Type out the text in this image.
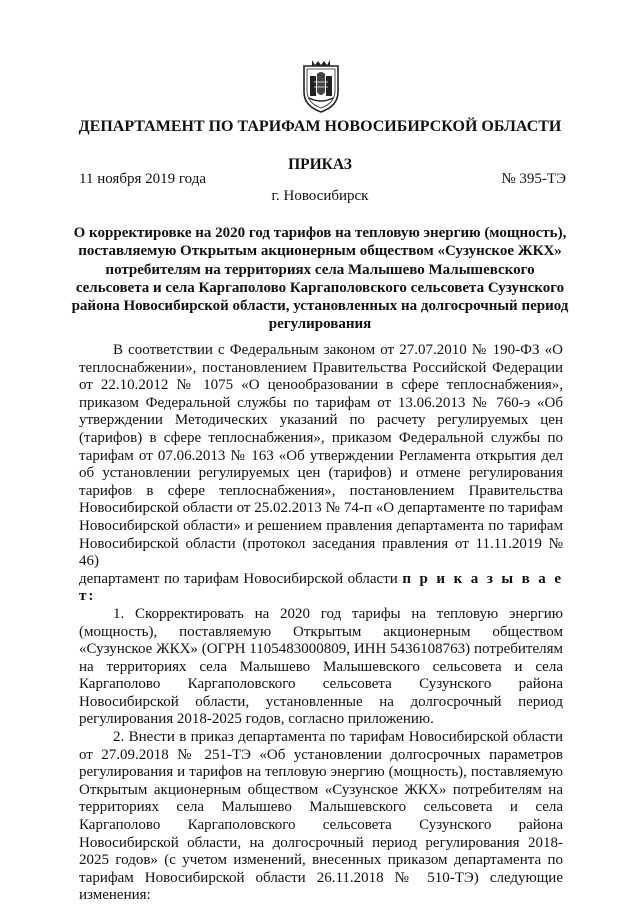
ДЕПАРТАМЕНТ ПО ТАРИФАМ НОВОСИБИРСКОЙ ОБЛАСТИ
ПРИКАЗ
11 ноября 2019 года	№ 395-ТЭ
г. Новосибирск
О корректировке на 2020 год тарифов на тепловую энергию (мощность), поставляемую Открытым акционерным обществом «Сузунское ЖКХ» потребителям на территориях села Малышево Малышевского сельсовета и села Каргаполово Каргаполовского сельсовета Сузунского района Новосибирской области, установленных на долгосрочный период регулирования

В соответствии с Федеральным законом от 27.07.2010 № 190-ФЗ «О теплоснабжении», постановлением Правительства Российской Федерации от 22.10.2012 № 1075 «О ценообразовании в сфере теплоснабжения», приказом Федеральной службы по тарифам от 13.06.2013 № 760-э «Об утверждении Методических указаний по расчету регулируемых цен (тарифов) в сфере теплоснабжения», приказом Федеральной службы по тарифам от 07.06.2013 № 163 «Об утверждении Регламента открытия дел об установлении регулируемых цен (тарифов) и отмене регулирования тарифов в сфере теплоснабжения», постановлением Правительства Новосибирской области от 25.02.2013 № 74-п «О департаменте по тарифам Новосибирской области» и решением правления департамента по тарифам Новосибирской области (протокол заседания правления от 11.11.2019 № 46)

департамент по тарифам Новосибирской области п р и к а з ы в а е т:

1. Скорректировать на 2020 год тарифы на тепловую энергию (мощность), поставляемую Открытым акционерным обществом «Сузунское ЖКХ» (ОГРН 1105483000809, ИНН 5436108763) потребителям на территориях села Малышево Малышевского сельсовета и села Каргаполово Каргаполовского сельсовета Сузунского района Новосибирской области, установленные на долгосрочный период регулирования 2018-2025 годов, согласно приложению.

2. Внести в приказ департамента по тарифам Новосибирской области от 27.09.2018 № 251-ТЭ «Об установлении долгосрочных параметров регулирования и тарифов на тепловую энергию (мощность), поставляемую Открытым акционерным обществом «Сузунское ЖКХ» потребителям на территориях села Малышево Малышевского сельсовета и села Каргаполово Каргаполовского сельсовета Сузунского района Новосибирской области, на долгосрочный период регулирования 2018-2025 годов» (с учетом изменений, внесенных приказом департамента по тарифам Новосибирской области 26.11.2018 № 510-ТЭ) следующие изменения:
